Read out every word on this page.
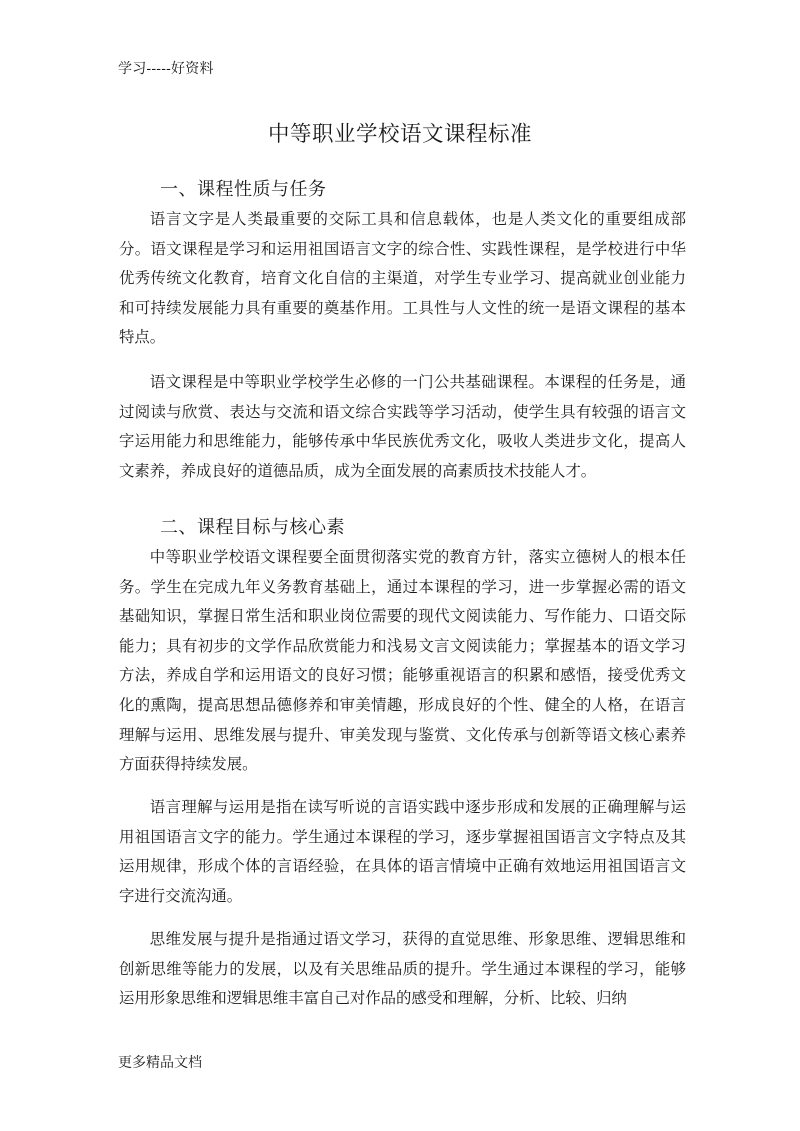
学习-----好资料
中等职业学校语文课程标准
一、课程性质与任务

语言文字是人类最重要的交际工具和信息载体，也是人类文化的重要组成部分。语文课程是学习和运用祖国语言文字的综合性、实践性课程，是学校进行中华优秀传统文化教育，培育文化自信的主渠道，对学生专业学习、提高就业创业能力和可持续发展能力具有重要的奠基作用。工具性与人文性的统一是语文课程的基本特点。

语文课程是中等职业学校学生必修的一门公共基础课程。本课程的任务是，通过阅读与欣赏、表达与交流和语文综合实践等学习活动，使学生具有较强的语言文字运用能力和思维能力，能够传承中华民族优秀文化，吸收人类进步文化，提高人文素养，养成良好的道德品质，成为全面发展的高素质技术技能人才。

二、课程目标与核心素

中等职业学校语文课程要全面贯彻落实党的教育方针，落实立德树人的根本任务。学生在完成九年义务教育基础上，通过本课程的学习，进一步掌握必需的语文基础知识，掌握日常生活和职业岗位需要的现代文阅读能力、写作能力、口语交际能力；具有初步的文学作品欣赏能力和浅易文言文阅读能力；掌握基本的语文学习方法，养成自学和运用语文的良好习惯；能够重视语言的积累和感悟，接受优秀文化的熏陶，提高思想品德修养和审美情趣，形成良好的个性、健全的人格，在语言理解与运用、思维发展与提升、审美发现与鉴赏、文化传承与创新等语文核心素养方面获得持续发展。

语言理解与运用是指在读写听说的言语实践中逐步形成和发展的正确理解与运用祖国语言文字的能力。学生通过本课程的学习，逐步掌握祖国语言文字特点及其运用规律，形成个体的言语经验，在具体的语言情境中正确有效地运用祖国语言文字进行交流沟通。

思维发展与提升是指通过语文学习，获得的直觉思维、形象思维、逻辑思维和创新思维等能力的发展，以及有关思维品质的提升。学生通过本课程的学习，能够运用形象思维和逻辑思维丰富自己对作品的感受和理解，分析、比较、归纳

更多精品文档
